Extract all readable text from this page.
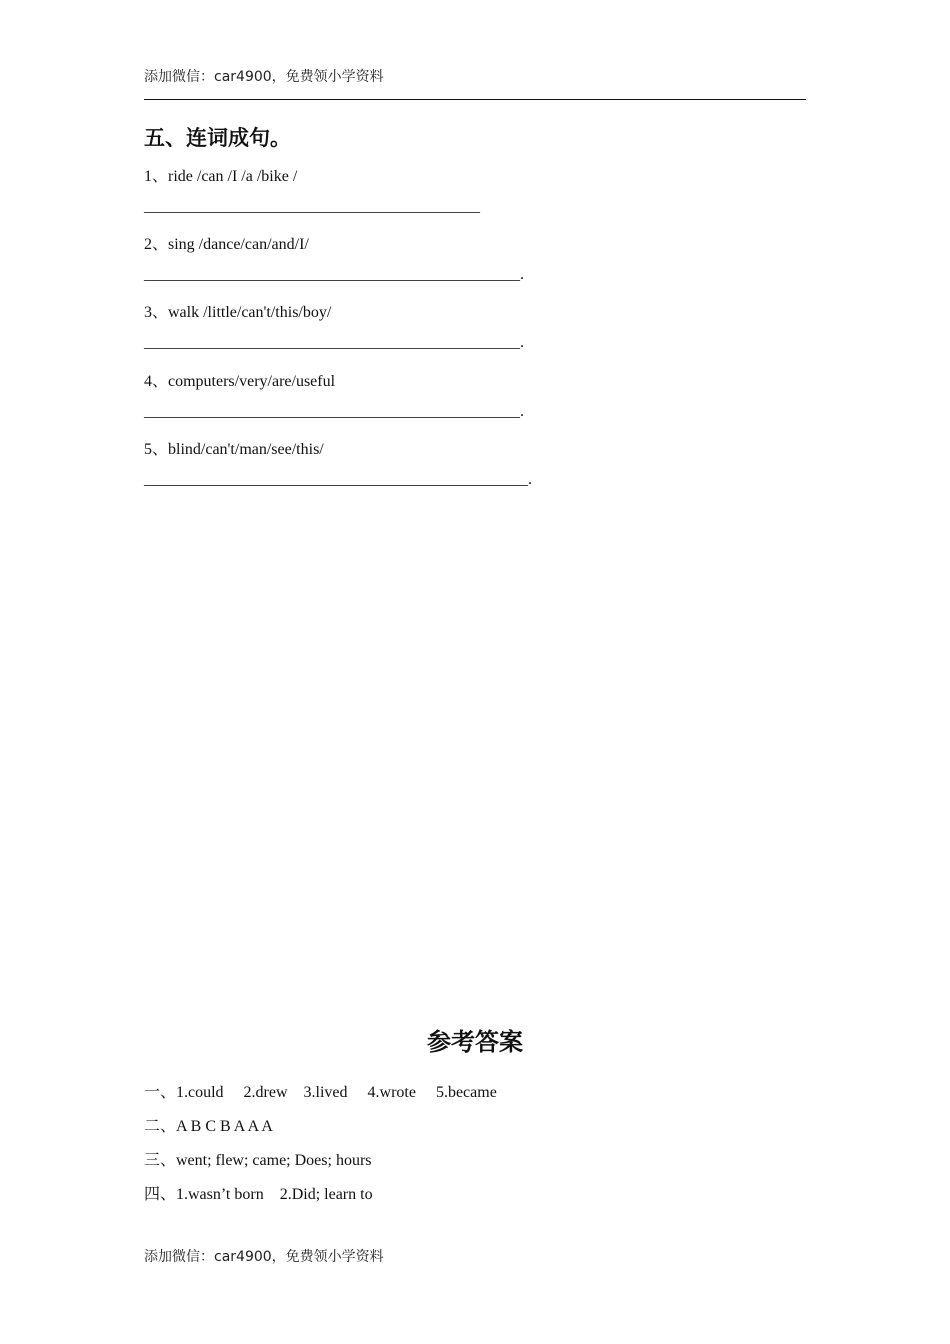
添加微信：car4900，免费领小学资料
五、连词成句。
1、ride /can /I /a /bike /
__________________________________________
2、sing /dance/can/and/I/
_______________________________________________.
3、walk /little/can't/this/boy/
_______________________________________________.
4、computers/very/are/useful
_______________________________________________.
5、blind/can't/man/see/this/
________________________________________________.
参考答案
一、1.could     2.drew    3.lived     4.wrote     5.became
二、A B C B A A A
三、went; flew; came; Does; hours
四、1.wasn’t born    2.Did; learn to
添加微信：car4900，免费领小学资料
